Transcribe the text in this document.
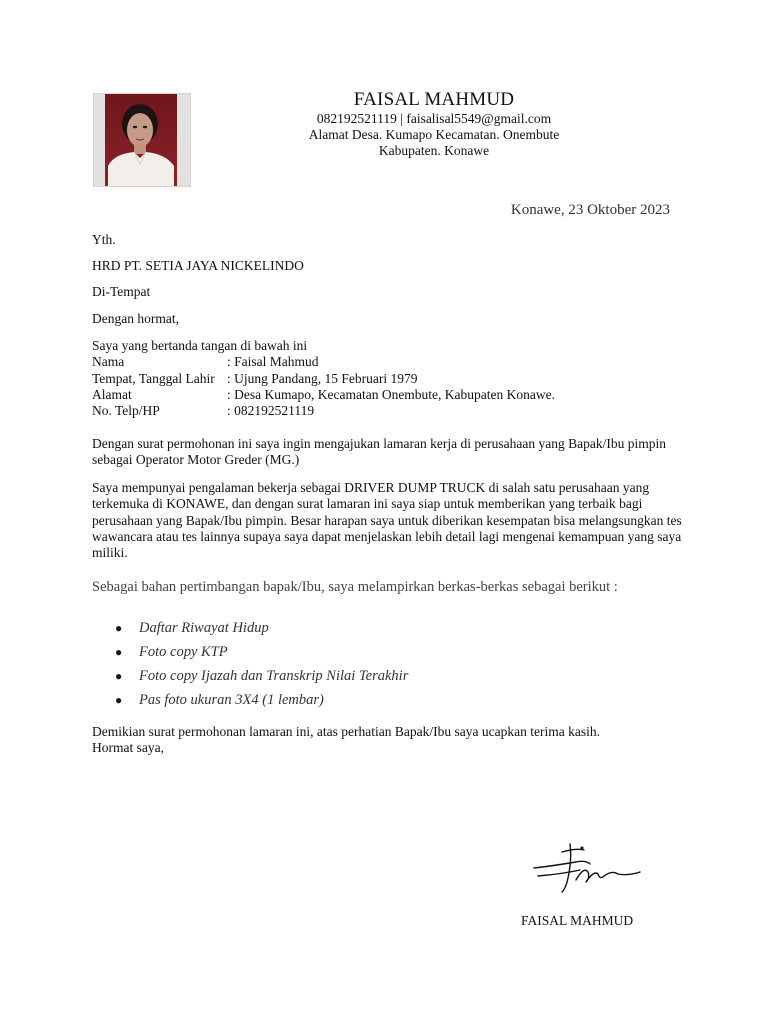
FAISAL MAHMUD
082192521119 | faisalisal5549@gmail.com
Alamat Desa. Kumapo Kecamatan. Onembute
Kabupaten. Konawe
Konawe, 23 Oktober 2023
Yth.
HRD PT. SETIA JAYA NICKELINDO
Di-Tempat
Dengan hormat,
Saya yang bertanda tangan di bawah ini
Nama	: Faisal Mahmud
Tempat, Tanggal Lahir : Ujung Pandang, 15 Februari 1979
Alamat	: Desa Kumapo, Kecamatan Onembute, Kabupaten Konawe.
No. Telp/HP	: 082192521119
Dengan surat permohonan ini saya ingin mengajukan lamaran kerja di perusahaan yang Bapak/Ibu pimpin sebagai Operator Motor Greder (MG.)
Saya mempunyai pengalaman bekerja sebagai DRIVER DUMP TRUCK di salah satu perusahaan yang terkemuka di KONAWE, dan dengan surat lamaran ini saya siap untuk memberikan yang terbaik bagi perusahaan yang Bapak/Ibu pimpin. Besar harapan saya untuk diberikan kesempatan bisa melangsungkan tes wawancara atau tes lainnya supaya saya dapat menjelaskan lebih detail lagi mengenai kemampuan yang saya miliki.
Sebagai bahan pertimbangan bapak/Ibu, saya melampirkan berkas-berkas sebagai berikut :
● Daftar Riwayat Hidup
● Foto copy KTP
● Foto copy Ijazah dan Transkrip Nilai Terakhir
● Pas foto ukuran 3X4 (1 lembar)
Demikian surat permohonan lamaran ini, atas perhatian Bapak/Ibu saya ucapkan terima kasih.
Hormat saya,
FAISAL MAHMUD
